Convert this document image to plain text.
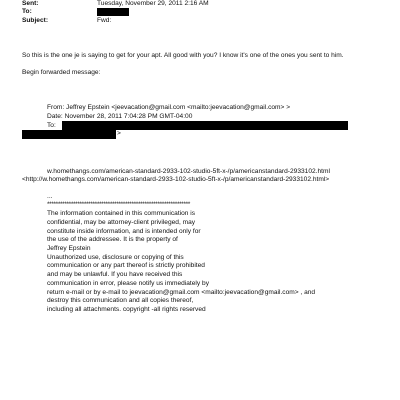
Sent:	Tuesday, November 29, 2011 2:16 AM
To:
Subject:	Fwd:
So this is the one je is saying to get for your apt. All good with you? I know it's one of the ones you sent to him.
Begin forwarded message:
From: Jeffrey Epstein <jeevacation@gmail.com <mailto:jeevacation@gmail.com> >
Date: November 28, 2011 7:04:28 PM GMT-04:00
To:
>
w.homethangs.com/american-standard-2933-102-studio-5ft-x-/p/americanstandard-2933102.html
<http://w.homethangs.com/american-standard-2933-102-studio-5ft-x-/p/americanstandard-2933102.html>
...
******************************************************************
The information contained in this communication is
confidential, may be attorney-client privileged, may
constitute inside information, and is intended only for
the use of the addressee. It is the property of
Jeffrey Epstein
Unauthorized use, disclosure or copying of this
communication or any part thereof is strictly prohibited
and may be unlawful. If you have received this
communication in error, please notify us immediately by
return e-mail or by e-mail to jeevacation@gmail.com <mailto:jeevacation@gmail.com> , and
destroy this communication and all copies thereof,
including all attachments. copyright -all rights reserved
